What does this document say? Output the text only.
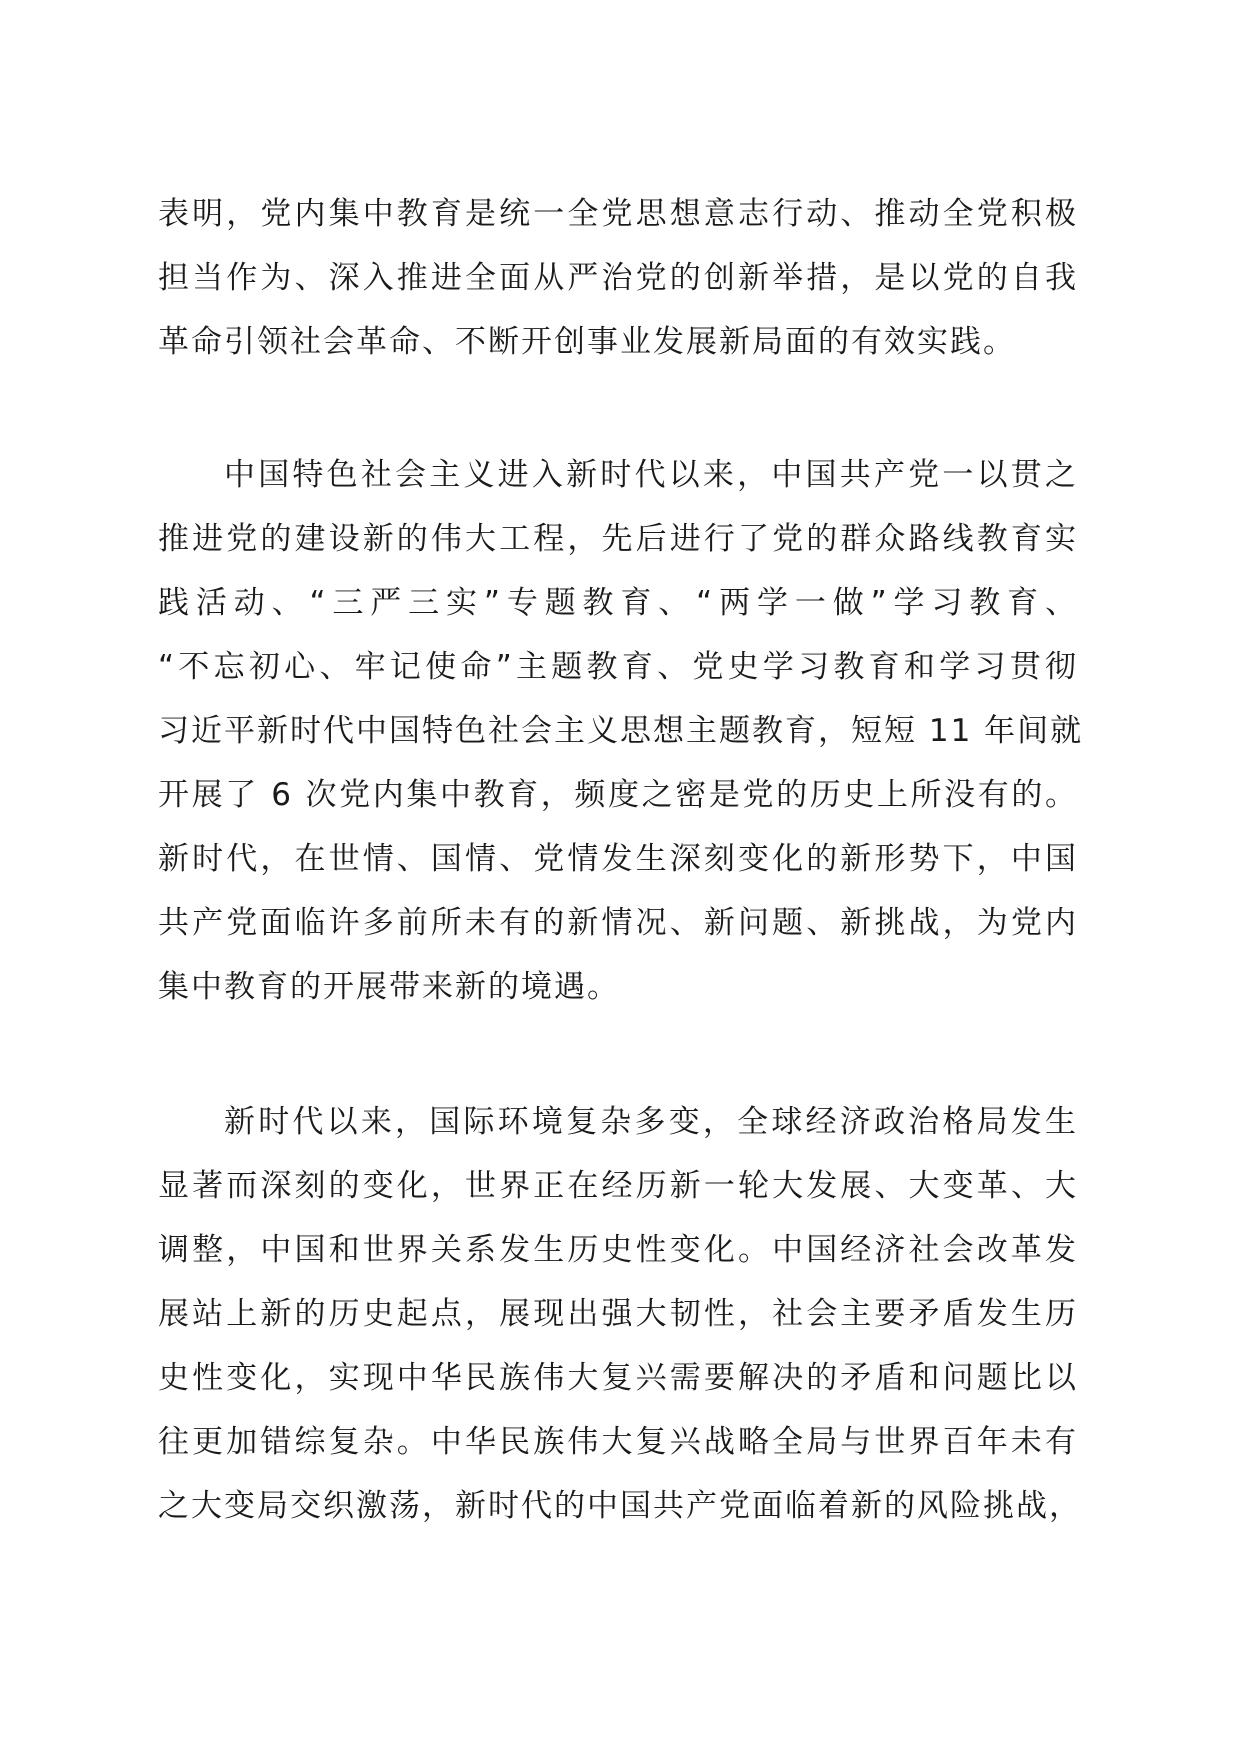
表明，党内集中教育是统一全党思想意志行动、推动全党积极
担当作为、深入推进全面从严治党的创新举措，是以党的自我
革命引领社会革命、不断开创事业发展新局面的有效实践。
中国特色社会主义进入新时代以来，中国共产党一以贯之
推进党的建设新的伟大工程，先后进行了党的群众路线教育实
践活动、“三严三实”专题教育、“两学一做”学习教育、
“不忘初心、牢记使命”主题教育、党史学习教育和学习贯彻
习近平新时代中国特色社会主义思想主题教育，短短 11 年间就
开展了 6 次党内集中教育，频度之密是党的历史上所没有的。
新时代，在世情、国情、党情发生深刻变化的新形势下，中国
共产党面临许多前所未有的新情况、新问题、新挑战，为党内
集中教育的开展带来新的境遇。
新时代以来，国际环境复杂多变，全球经济政治格局发生
显著而深刻的变化，世界正在经历新一轮大发展、大变革、大
调整，中国和世界关系发生历史性变化。中国经济社会改革发
展站上新的历史起点，展现出强大韧性，社会主要矛盾发生历
史性变化，实现中华民族伟大复兴需要解决的矛盾和问题比以
往更加错综复杂。中华民族伟大复兴战略全局与世界百年未有
之大变局交织激荡，新时代的中国共产党面临着新的风险挑战，
